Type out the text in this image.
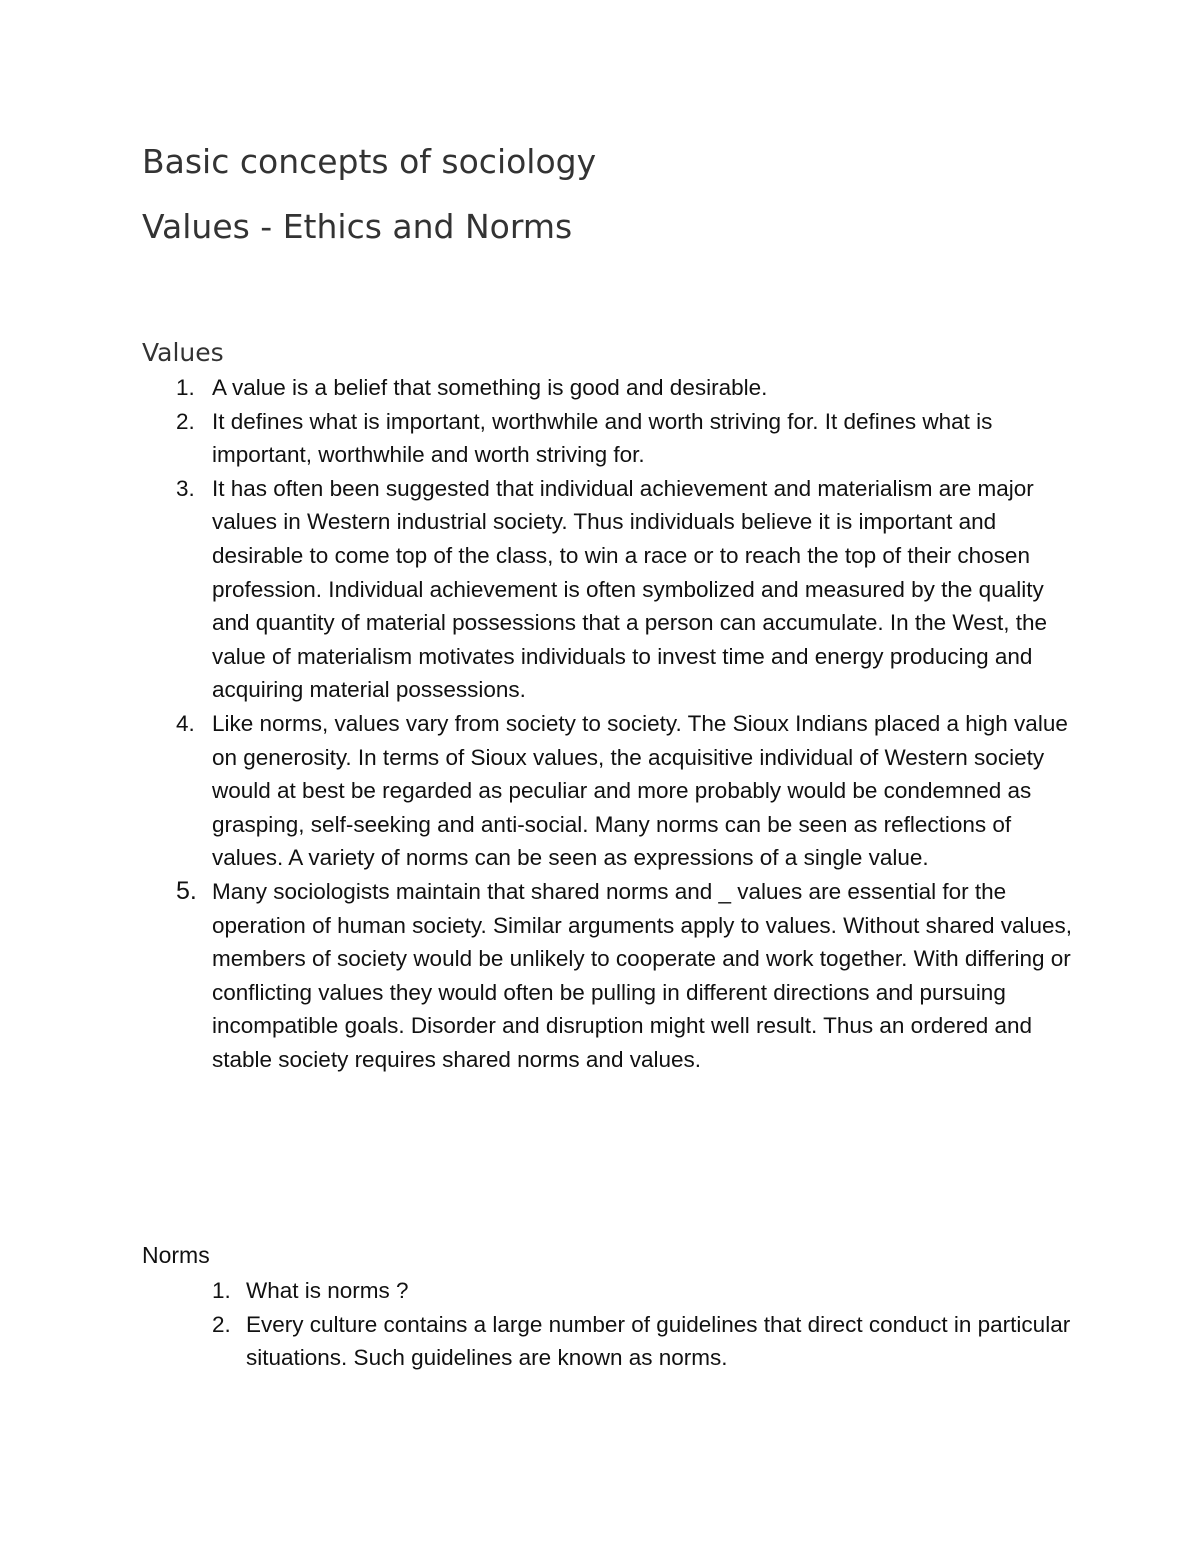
Basic concepts of sociology
Values - Ethics and Norms
Values
1. A value is a belief that something is good and desirable.
2. It defines what is important, worthwhile and worth striving for. It defines what is important, worthwhile and worth striving for.
3. It has often been suggested that individual achievement and materialism are major values in Western industrial society. Thus individuals believe it is important and desirable to come top of the class, to win a race or to reach the top of their chosen profession. Individual achievement is often symbolized and measured by the quality and quantity of material possessions that a person can accumulate. In the West, the value of materialism motivates individuals to invest time and energy producing and acquiring material possessions.
4. Like norms, values vary from society to society. The Sioux Indians placed a high value on generosity. In terms of Sioux values, the acquisitive individual of Western society would at best be regarded as peculiar and more probably would be condemned as grasping, self-seeking and anti-social. Many norms can be seen as reflections of values. A variety of norms can be seen as expressions of a single value.
5. Many sociologists maintain that shared norms and _ values are essential for the operation of human society. Similar arguments apply to values. Without shared values, members of society would be unlikely to cooperate and work together. With differing or conflicting values they would often be pulling in different directions and pursuing incompatible goals. Disorder and disruption might well result. Thus an ordered and stable society requires shared norms and values.
Norms
1. What is norms ?
2. Every culture contains a large number of guidelines that direct conduct in particular situations. Such guidelines are known as norms.
